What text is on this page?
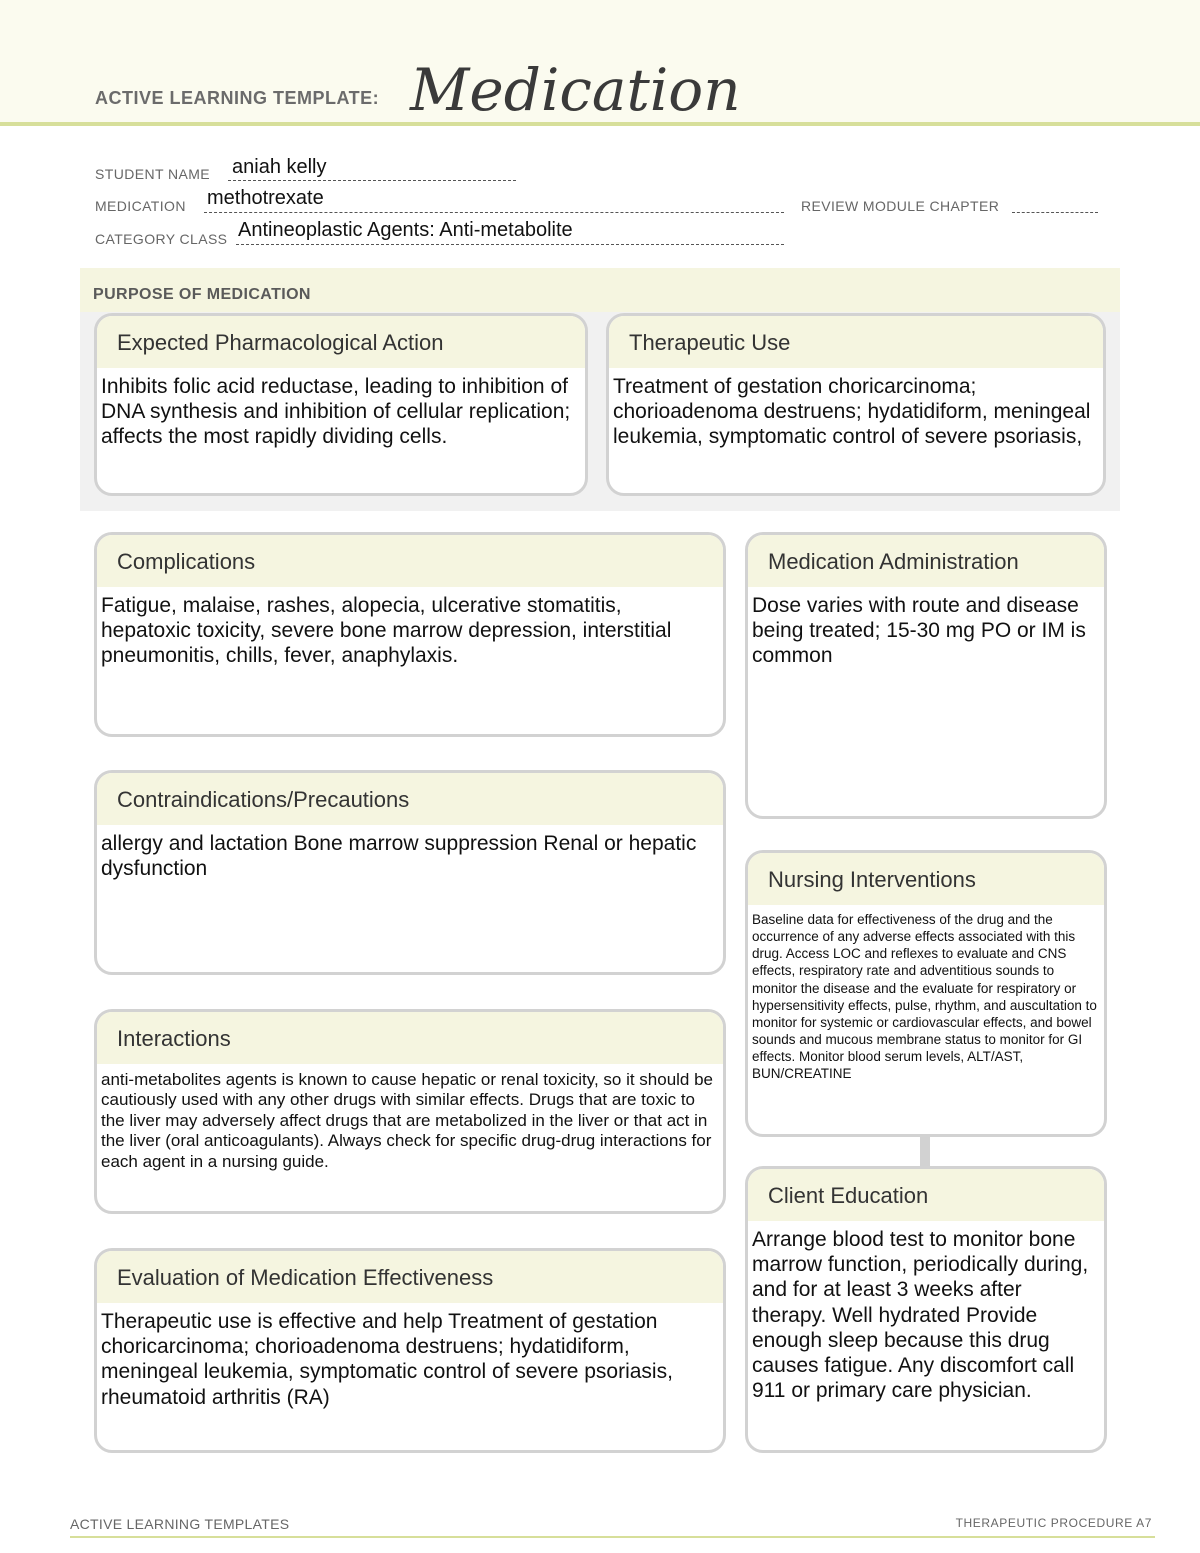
ACTIVE LEARNING TEMPLATE: Medication
STUDENT NAME aniah kelly
MEDICATION methotrexate	REVIEW MODULE CHAPTER
CATEGORY CLASS Antineoplastic Agents: Anti-metabolite
PURPOSE OF MEDICATION
Expected Pharmacological Action
Inhibits folic acid reductase, leading to inhibition of DNA synthesis and inhibition of cellular replication; affects the most rapidly dividing cells.
Therapeutic Use
Treatment of gestation choricarcinoma; chorioadenoma destruens; hydatidiform, meningeal leukemia, symptomatic control of severe psoriasis,
Complications
Fatigue, malaise, rashes, alopecia, ulcerative stomatitis, hepatoxic toxicity, severe bone marrow depression, interstitial pneumonitis, chills, fever, anaphylaxis.
Contraindications/Precautions
allergy and lactation Bone marrow suppression Renal or hepatic dysfunction
Interactions
anti-metabolites agents is known to cause hepatic or renal toxicity, so it should be cautiously used with any other drugs with similar effects. Drugs that are toxic to the liver may adversely affect drugs that are metabolized in the liver or that act in the liver (oral anticoagulants). Always check for specific drug-drug interactions for each agent in a nursing guide.
Evaluation of Medication Effectiveness
Therapeutic use is effective and help Treatment of gestation choricarcinoma; chorioadenoma destruens; hydatidiform, meningeal leukemia, symptomatic control of severe psoriasis, rheumatoid arthritis (RA)
Medication Administration
Dose varies with route and disease being treated; 15-30 mg PO or IM is common
Nursing Interventions
Baseline data for effectiveness of the drug and the occurrence of any adverse effects associated with this drug. Access LOC and reflexes to evaluate and CNS effects, respiratory rate and adventitious sounds to monitor the disease and the evaluate for respiratory or hypersensitivity effects, pulse, rhythm, and auscultation to monitor for systemic or cardiovascular effects, and bowel sounds and mucous membrane status to monitor for GI effects. Monitor blood serum levels, ALT/AST, BUN/CREATINE
Client Education
Arrange blood test to monitor bone marrow function, periodically during, and for at least 3 weeks after therapy. Well hydrated Provide enough sleep because this drug causes fatigue. Any discomfort call 911 or primary care physician.
ACTIVE LEARNING TEMPLATES	THERAPEUTIC PROCEDURE A7
